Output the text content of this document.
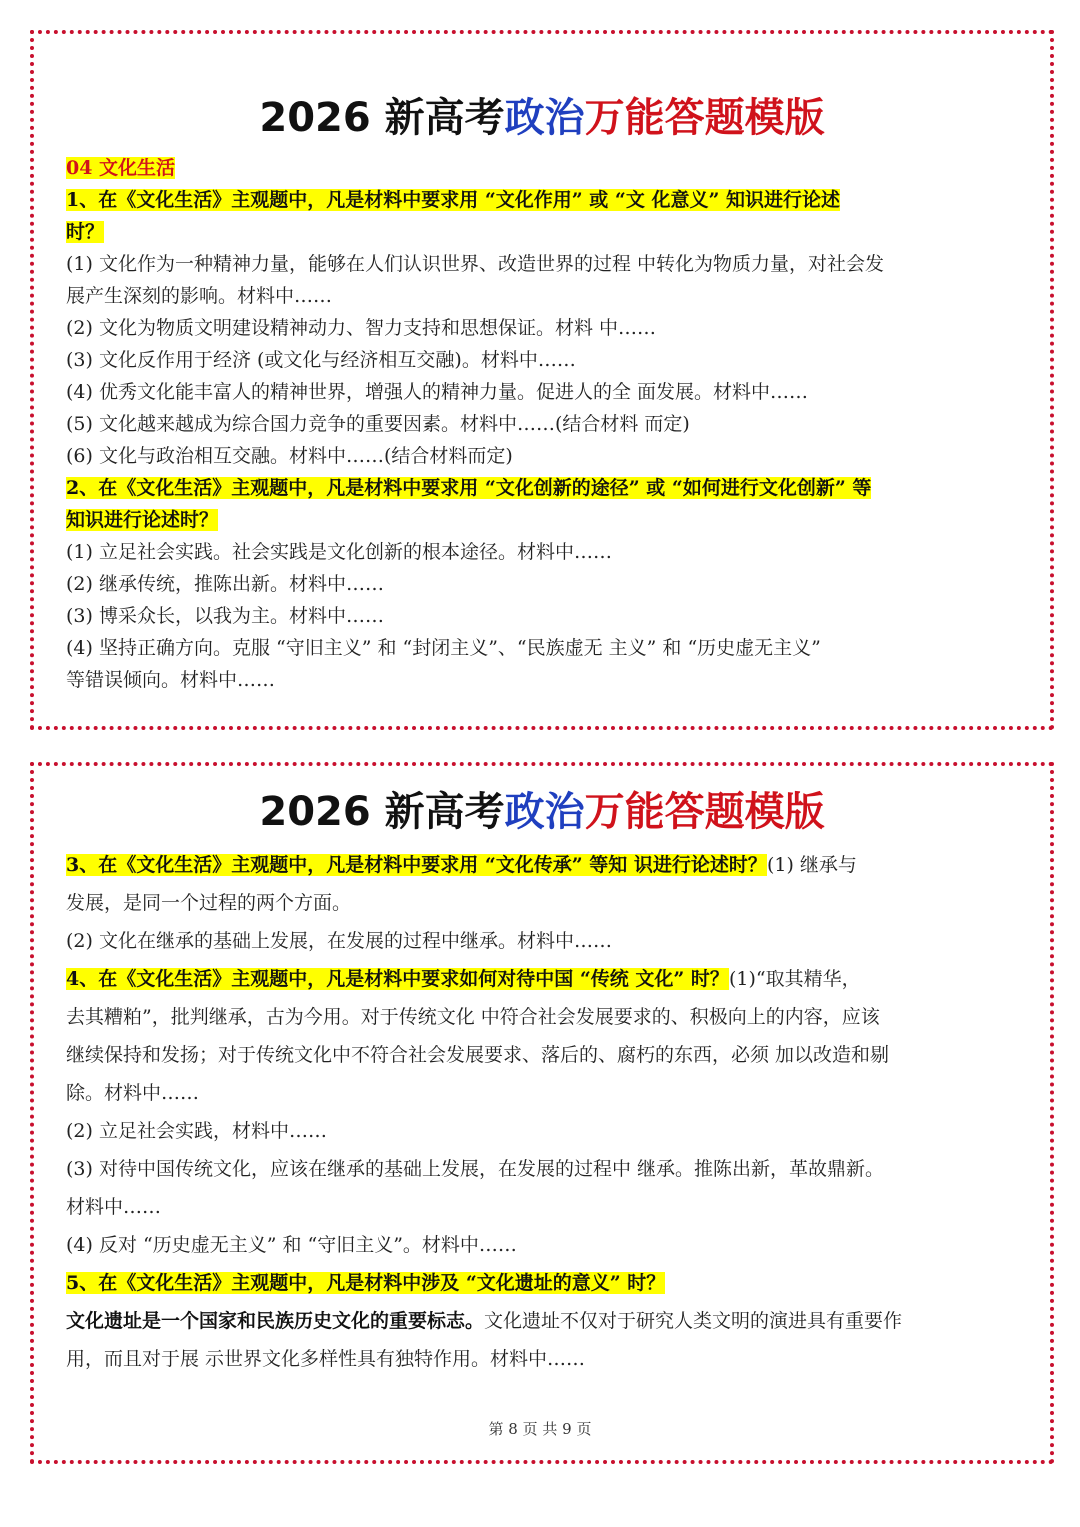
2026 新高考政治万能答题模版
04 文化生活
1、在《文化生活》主观题中，凡是材料中要求用 “文化作用” 或 “文 化意义” 知识进行论述
时？
(1) 文化作为一种精神力量，能够在人们认识世界、改造世界的过程 中转化为物质力量，对社会发
展产生深刻的影响。材料中……
(2) 文化为物质文明建设精神动力、智力支持和思想保证。材料 中……
(3) 文化反作用于经济 (或文化与经济相互交融)。材料中……
(4) 优秀文化能丰富人的精神世界，增强人的精神力量。促进人的全 面发展。材料中……
(5) 文化越来越成为综合国力竞争的重要因素。材料中……(结合材料 而定)
(6) 文化与政治相互交融。材料中……(结合材料而定)
2、在《文化生活》主观题中，凡是材料中要求用 “文化创新的途径” 或 “如何进行文化创新” 等
知识进行论述时？
(1) 立足社会实践。社会实践是文化创新的根本途径。材料中……
(2) 继承传统，推陈出新。材料中……
(3) 博采众长，以我为主。材料中……
(4) 坚持正确方向。克服 “守旧主义” 和 “封闭主义”、“民族虚无 主义” 和 “历史虚无主义”
等错误倾向。材料中……
2026 新高考政治万能答题模版
3、在《文化生活》主观题中，凡是材料中要求用 “文化传承” 等知 识进行论述时？(1) 继承与
发展，是同一个过程的两个方面。
(2) 文化在继承的基础上发展，在发展的过程中继承。材料中……
4、在《文化生活》主观题中，凡是材料中要求如何对待中国 “传统 文化” 时？(1)“取其精华，
去其糟粕”，批判继承，古为今用。对于传统文化 中符合社会发展要求的、积极向上的内容，应该
继续保持和发扬；对于传统文化中不符合社会发展要求、落后的、腐朽的东西，必须 加以改造和剔
除。材料中……
(2) 立足社会实践，材料中……
(3) 对待中国传统文化，应该在继承的基础上发展，在发展的过程中 继承。推陈出新，革故鼎新。
材料中……
(4) 反对 “历史虚无主义” 和 “守旧主义”。材料中……
5、在《文化生活》主观题中，凡是材料中涉及 “文化遗址的意义” 时？
文化遗址是一个国家和民族历史文化的重要标志。文化遗址不仅对于研究人类文明的演进具有重要作
用，而且对于展 示世界文化多样性具有独特作用。材料中……
第 8 页 共 9 页
